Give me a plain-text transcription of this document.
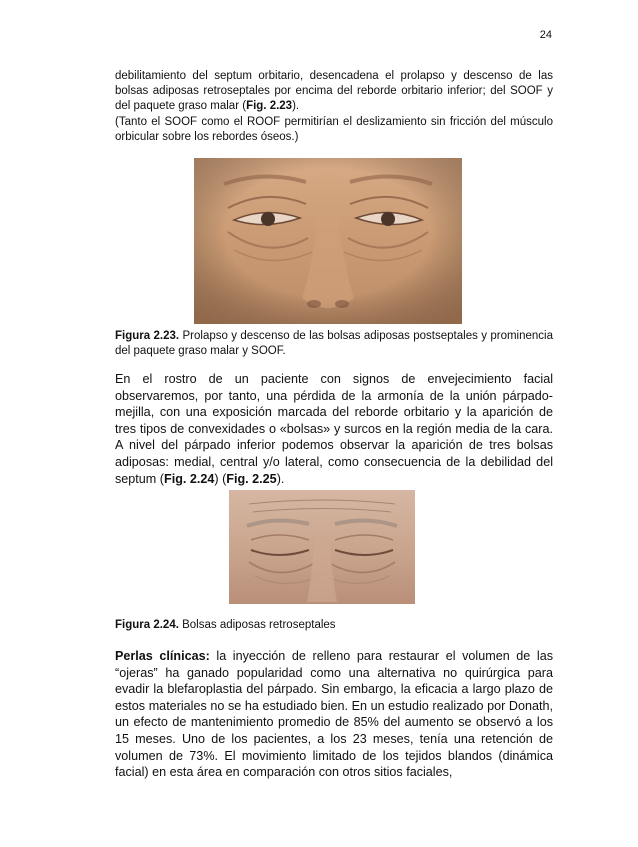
24

debilitamiento del septum orbitario, desencadena el prolapso y descenso de las bolsas adiposas retroseptales por encima del reborde orbitario inferior; del SOOF y del paquete graso malar (Fig. 2.23).

(Tanto el SOOF como el ROOF permitirían el deslizamiento sin fricción del músculo orbicular sobre los rebordes óseos.)

Figura 2.23. Prolapso y descenso de las bolsas adiposas postseptales y prominencia del paquete graso malar y SOOF.

En el rostro de un paciente con signos de envejecimiento facial observaremos, por tanto, una pérdida de la armonía de la unión párpado-mejilla, con una exposición marcada del reborde orbitario y la aparición de tres tipos de convexidades o «bolsas» y surcos en la región media de la cara. A nivel del párpado inferior podemos observar la aparición de tres bolsas adiposas: medial, central y/o lateral, como consecuencia de la debilidad del septum (Fig. 2.24) (Fig. 2.25).

Figura 2.24. Bolsas adiposas retroseptales

Perlas clínicas: la inyección de relleno para restaurar el volumen de las “ojeras” ha ganado popularidad como una alternativa no quirúrgica para evadir la blefaroplastia del párpado. Sin embargo, la eficacia a largo plazo de estos materiales no se ha estudiado bien. En un estudio realizado por Donath, un efecto de mantenimiento promedio de 85% del aumento se observó a los 15 meses. Uno de los pacientes, a los 23 meses, tenía una retención de volumen de 73%. El movimiento limitado de los tejidos blandos (dinámica facial) en esta área en comparación con otros sitios faciales,
